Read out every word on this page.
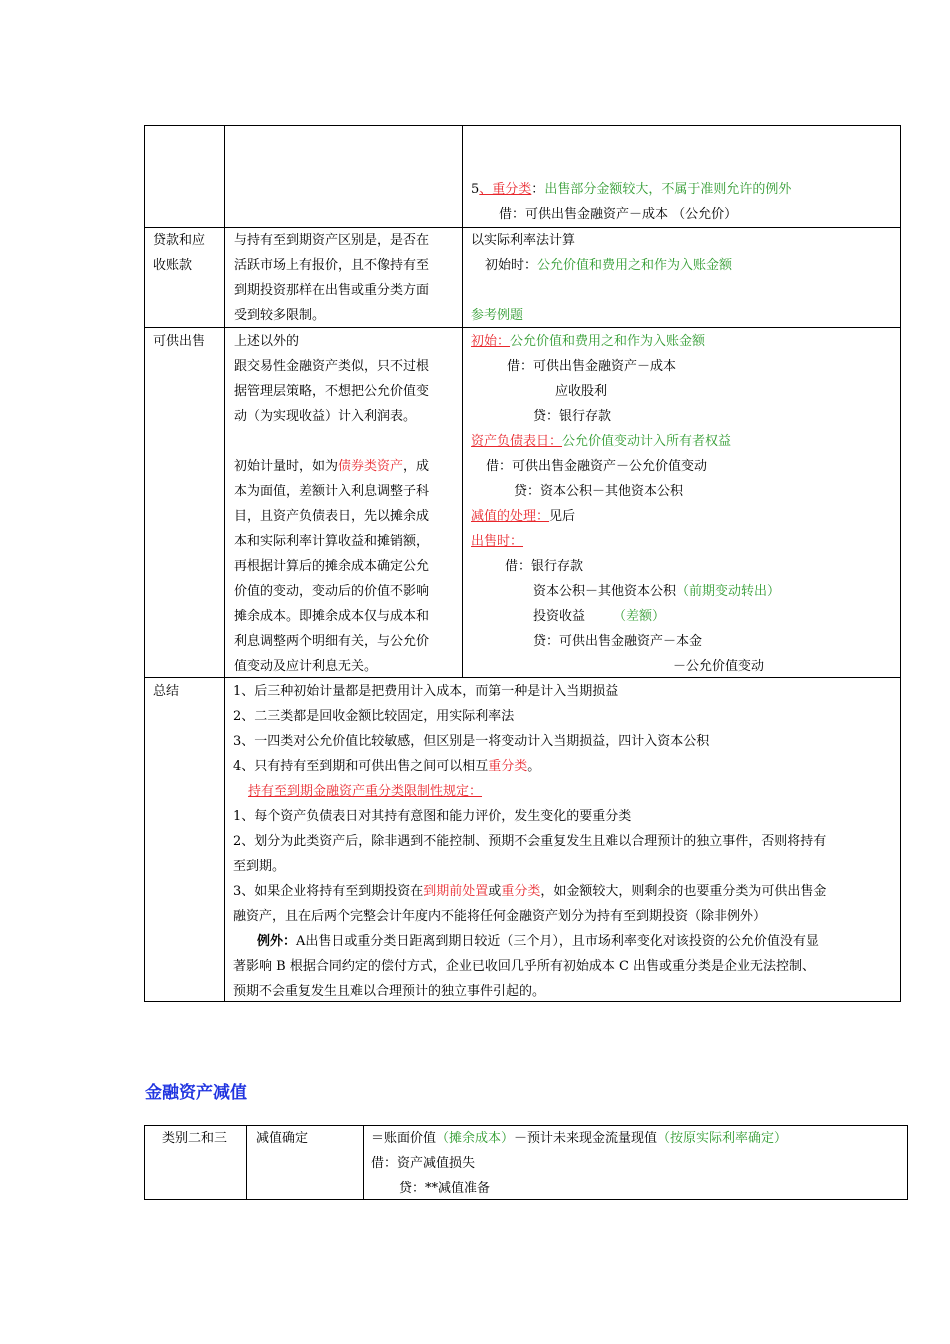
5、重分类：出售部分金额较大，不属于准则允许的例外
借：可供出售金融资产－成本 （公允价）
贷款和应
收账款
与持有至到期资产区别是，是否在
活跃市场上有报价，且不像持有至
到期投资那样在出售或重分类方面
受到较多限制。
以实际利率法计算
初始时：公允价值和费用之和作为入账金额
参考例题
可供出售 上述以外的
跟交易性金融资产类似，只不过根
据管理层策略，不想把公允价值变
动（为实现收益）计入利润表。
初始计量时，如为债券类资产，成
本为面值，差额计入利息调整子科
目，且资产负债表日，先以摊余成
本和实际利率计算收益和摊销额，
再根据计算后的摊余成本确定公允
价值的变动，变动后的价值不影响
摊余成本。即摊余成本仅与成本和
利息调整两个明细有关，与公允价
值变动及应计利息无关。
初始：公允价值和费用之和作为入账金额
借：可供出售金融资产－成本
应收股利
贷：银行存款
资产负债表日：公允价值变动计入所有者权益
借：可供出售金融资产－公允价值变动
贷：资本公积－其他资本公积
减值的处理：见后
出售时：
借：银行存款
资本公积－其他资本公积（前期变动转出）
投资收益 （差额）
贷：可供出售金融资产－本金
－公允价值变动
总结	1、后三种初始计量都是把费用计入成本，而第一种是计入当期损益
2、二三类都是回收金额比较固定，用实际利率法
3、一四类对公允价值比较敏感，但区别是一将变动计入当期损益，四计入资本公积
4、只有持有至到期和可供出售之间可以相互重分类。
持有至到期金融资产重分类限制性规定：
1、每个资产负债表日对其持有意图和能力评价，发生变化的要重分类
2、划分为此类资产后，除非遇到不能控制、预期不会重复发生且难以合理预计的独立事件，否则将持有
至到期。
3、如果企业将持有至到期投资在到期前处置或重分类，如金额较大，则剩余的也要重分类为可供出售金
融资产，且在后两个完整会计年度内不能将任何金融资产划分为持有至到期投资（除非例外）
例外：A出售日或重分类日距离到期日较近（三个月），且市场利率变化对该投资的公允价值没有显
著影响 B 根据合同约定的偿付方式，企业已收回几乎所有初始成本 C 出售或重分类是企业无法控制、
预期不会重复发生且难以合理预计的独立事件引起的。
金融资产减值
类别二和三 减值确定	＝账面价值（摊余成本）－预计未来现金流量现值（按原实际利率确定）
借：资产减值损失
贷：**减值准备
